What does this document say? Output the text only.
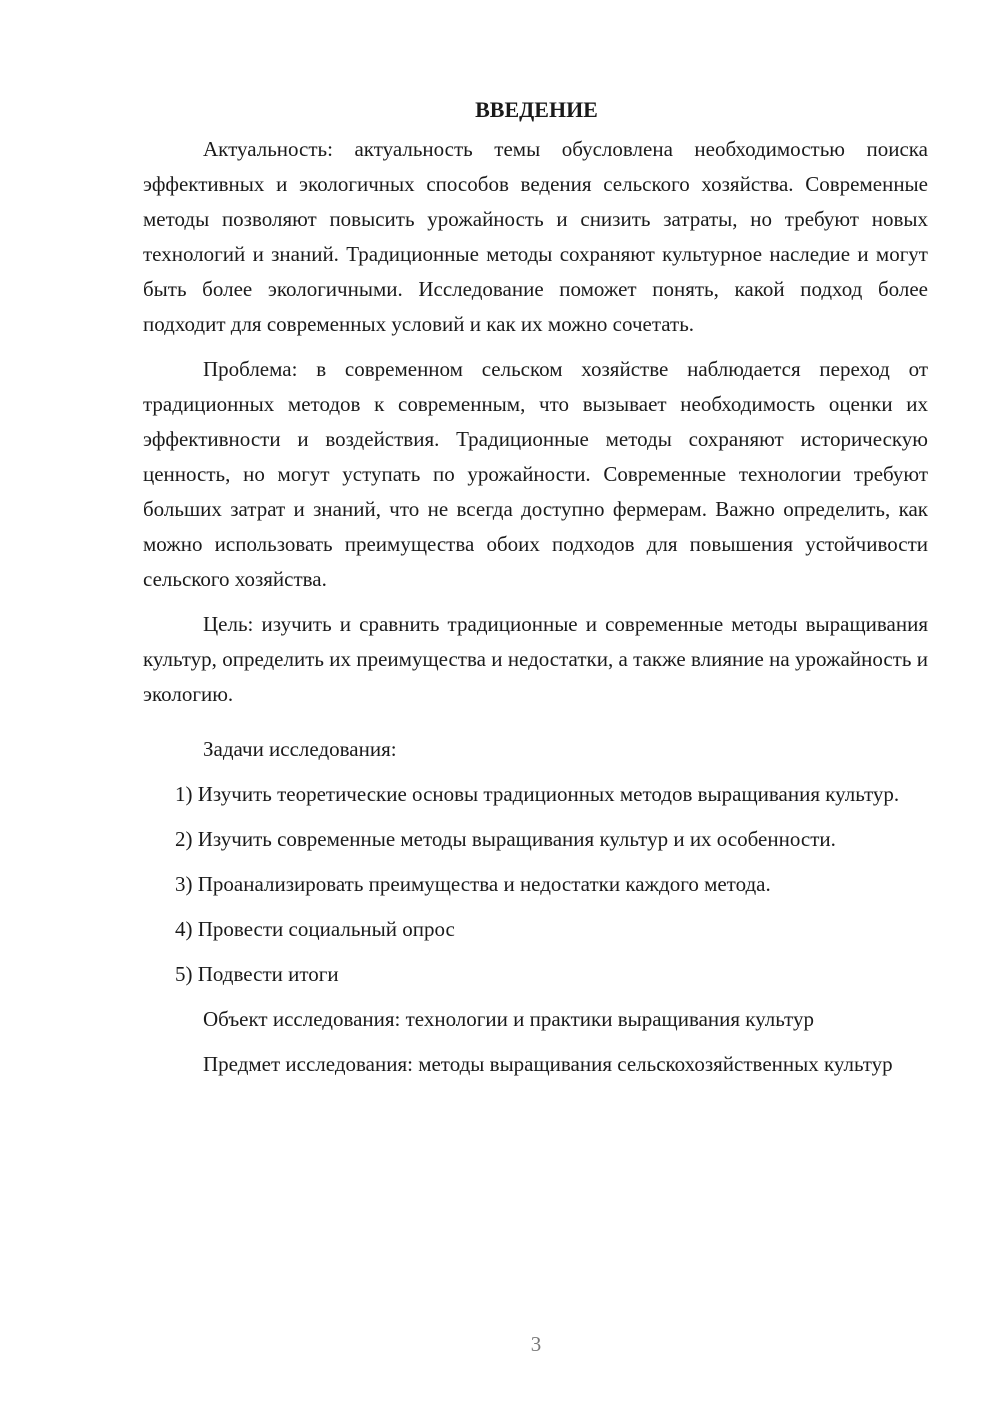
ВВЕДЕНИЕ

Актуальность: актуальность темы обусловлена необходимостью поиска эффективных и экологичных способов ведения сельского хозяйства. Современные методы позволяют повысить урожайность и снизить затраты, но требуют новых технологий и знаний. Традиционные методы сохраняют культурное наследие и могут быть более экологичными. Исследование поможет понять, какой подход более подходит для современных условий и как их можно сочетать.

Проблема: в современном сельском хозяйстве наблюдается переход от традиционных методов к современным, что вызывает необходимость оценки их эффективности и воздействия. Традиционные методы сохраняют историческую ценность, но могут уступать по урожайности. Современные технологии требуют больших затрат и знаний, что не всегда доступно фермерам. Важно определить, как можно использовать преимущества обоих подходов для повышения устойчивости сельского хозяйства.

Цель: изучить и сравнить традиционные и современные методы выращивания культур, определить их преимущества и недостатки, а также влияние на урожайность и экологию.

Задачи исследования:

1) Изучить теоретические основы традиционных методов выращивания культур.

2) Изучить современные методы выращивания культур и их особенности.

3) Проанализировать преимущества и недостатки каждого метода.

4) Провести социальный опрос

5) Подвести итоги

Объект исследования: технологии и практики выращивания культур

Предмет исследования: методы выращивания сельскохозяйственных культур

3
